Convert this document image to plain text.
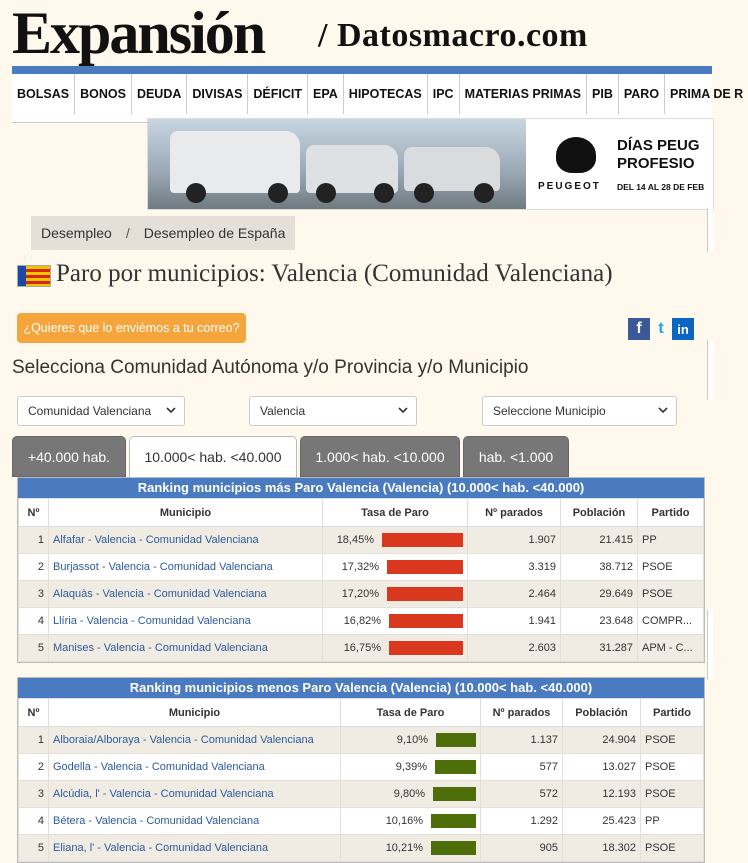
Expansión / Datosmacro.com
BOLSAS BONOS DEUDA DIVISAS DÉFICIT EPA HIPOTECAS IPC MATERIAS PRIMAS PIB PARO PRIMA DE R
PEUGEOT
DÍAS PEUG
PROFESIO
DEL 14 AL 28 DE FEB
Desempleo / Desempleo de España
Paro por municipios: Valencia (Comunidad Valenciana)
¿Quieres que lo enviémos a tu correo?	f	t	in
Selecciona Comunidad Autónoma y/o Provincia y/o Municipio
Comunidad Valenciana	Valencia	Seleccione Municipio
+40.000 hab.	10.000< hab. <40.000	1.000< hab. <10.000	hab. <1.000
Ranking municipios más Paro Valencia (Valencia) (10.000< hab. <40.000)
Nº	Municipio	Tasa de Paro	Nº parados	Población	Partido
1	Alfafar - Valencia - Comunidad Valenciana	18,45%	1.907	21.415	PP
2	Burjassot - Valencia - Comunidad Valenciana	17,32%	3.319	38.712	PSOE
3	Alaquàs - Valencia - Comunidad Valenciana	17,20%	2.464	29.649	PSOE
4	Llíria - Valencia - Comunidad Valenciana	16,82%	1.941	23.648	COMPR...
5	Manises - Valencia - Comunidad Valenciana	16,75%	2.603	31.287	APM - C...
Ranking municipios menos Paro Valencia (Valencia) (10.000< hab. <40.000)
Nº	Municipio	Tasa de Paro	Nº parados	Población	Partido
1	Alboraia/Alboraya - Valencia - Comunidad Valenciana	9,10%	1.137	24.904	PSOE
2	Godella - Valencia - Comunidad Valenciana	9,39%	577	13.027	PSOE
3	Alcúdia, l' - Valencia - Comunidad Valenciana	9,80%	572	12.193	PSOE
4	Bétera - Valencia - Comunidad Valenciana	10,16%	1.292	25.423	PP
5	Eliana, l' - Valencia - Comunidad Valenciana	10,21%	905	18.302	PSOE
